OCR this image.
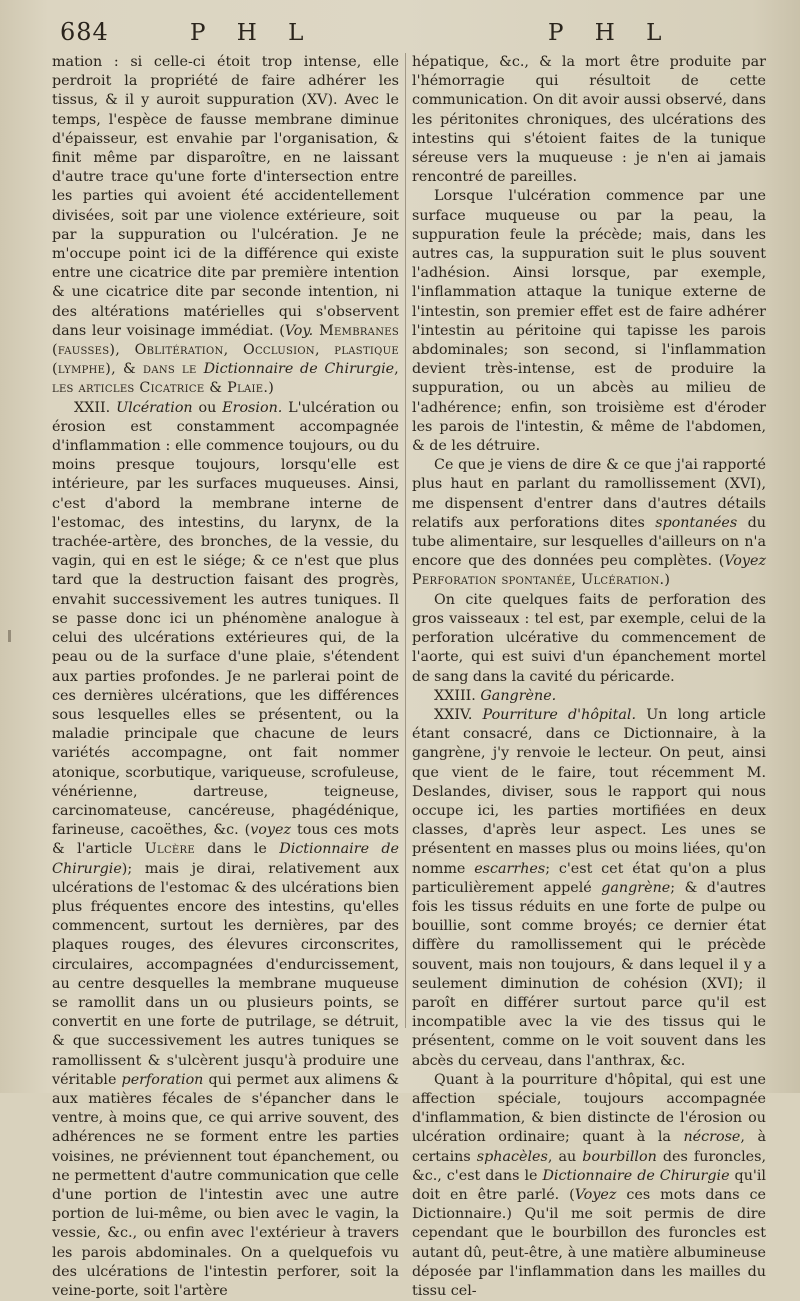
684	P H L	P H L

mation : si celle-ci étoit trop intense, elle perdroit la propriété de faire adhérer les tissus, & il y auroit suppuration (XV). Avec le temps, l'espèce de fausse membrane diminue d'épaisseur, est envahie par l'organisation, & finit même par disparoître, en ne laissant d'autre trace qu'une forte d'intersection entre les parties qui avoient été accidentellement divisées, soit par une violence extérieure, soit par la suppuration ou l'ulcération. Je ne m'occupe point ici de la différence qui existe entre une cicatrice dite par première intention & une cicatrice dite par seconde intention, ni des altérations matérielles qui s'observent dans leur voisinage immédiat. (Voy. Membranes (fausses), Oblitération, Occlusion, plastique (lymphe), & dans le Dictionnaire de Chirurgie, les articles Cicatrice & Plaie.)

XXII. Ulcération ou Erosion. L'ulcération ou érosion est constamment accompagnée d'inflammation : elle commence toujours, ou du moins presque toujours, lorsqu'elle est intérieure, par les surfaces muqueuses. Ainsi, c'est d'abord la membrane interne de l'estomac, des intestins, du larynx, de la trachée-artère, des bronches, de la vessie, du vagin, qui en est le siége; & ce n'est que plus tard que la destruction faisant des progrès, envahit successivement les autres tuniques. Il se passe donc ici un phénomène analogue à celui des ulcérations extérieures qui, de la peau ou de la surface d'une plaie, s'étendent aux parties profondes. Je ne parlerai point de ces dernières ulcérations, que les différences sous lesquelles elles se présentent, ou la maladie principale que chacune de leurs variétés accompagne, ont fait nommer atonique, scorbutique, variqueuse, scrofuleuse, vénérienne, dartreuse, teigneuse, carcinomateuse, cancéreuse, phagédénique, farineuse, cacoëthes, &c. (voyez tous ces mots & l'article Ulcère dans le Dictionnaire de Chirurgie); mais je dirai, relativement aux ulcérations de l'estomac & des ulcérations bien plus fréquentes encore des intestins, qu'elles commencent, surtout les dernières, par des plaques rouges, des élevures circonscrites, circulaires, accompagnées d'endurcissement, au centre desquelles la membrane muqueuse se ramollit dans un ou plusieurs points, se convertit en une forte de putrilage, se détruit, & que successivement les autres tuniques se ramollissent & s'ulcèrent jusqu'à produire une véritable perforation qui permet aux alimens & aux matières fécales de s'épancher dans le ventre, à moins que, ce qui arrive souvent, des adhérences ne se forment entre les parties voisines, ne préviennent tout épanchement, ou ne permettent d'autre communication que celle d'une portion de l'intestin avec une autre portion de lui-même, ou bien avec le vagin, la vessie, &c., ou enfin avec l'extérieur à travers les parois abdominales. On a quelquefois vu des ulcérations de l'intestin perforer, soit la veine-porte, soit l'artère

hépatique, &c., & la mort être produite par l'hémorragie qui résultoit de cette communication. On dit avoir aussi observé, dans les péritonites chroniques, des ulcérations des intestins qui s'étoient faites de la tunique séreuse vers la muqueuse : je n'en ai jamais rencontré de pareilles.

Lorsque l'ulcération commence par une surface muqueuse ou par la peau, la suppuration feule la précède; mais, dans les autres cas, la suppuration suit le plus souvent l'adhésion. Ainsi lorsque, par exemple, l'inflammation attaque la tunique externe de l'intestin, son premier effet est de faire adhérer l'intestin au péritoine qui tapisse les parois abdominales; son second, si l'inflammation devient très-intense, est de produire la suppuration, ou un abcès au milieu de l'adhérence; enfin, son troisième est d'éroder les parois de l'intestin, & même de l'abdomen, & de les détruire.

Ce que je viens de dire & ce que j'ai rapporté plus haut en parlant du ramollissement (XVI), me dispensent d'entrer dans d'autres détails relatifs aux perforations dites spontanées du tube alimentaire, sur lesquelles d'ailleurs on n'a encore que des données peu complètes. (Voyez Perforation spontanée, Ulcération.)

On cite quelques faits de perforation des gros vaisseaux : tel est, par exemple, celui de la perforation ulcérative du commencement de l'aorte, qui est suivi d'un épanchement mortel de sang dans la cavité du péricarde.

XXIII. Gangrène.

XXIV. Pourriture d'hôpital. Un long article étant consacré, dans ce Dictionnaire, à la gangrène, j'y renvoie le lecteur. On peut, ainsi que vient de le faire, tout récemment M. Deslandes, diviser, sous le rapport qui nous occupe ici, les parties mortifiées en deux classes, d'après leur aspect. Les unes se présentent en masses plus ou moins liées, qu'on nomme escarrhes; c'est cet état qu'on a plus particulièrement appelé gangrène; & d'autres fois les tissus réduits en une forte de pulpe ou bouillie, sont comme broyés; ce dernier état diffère du ramollissement qui le précède souvent, mais non toujours, & dans lequel il y a seulement diminution de cohésion (XVI); il paroît en différer surtout parce qu'il est incompatible avec la vie des tissus qui le présentent, comme on le voit souvent dans les abcès du cerveau, dans l'anthrax, &c.

Quant à la pourriture d'hôpital, qui est une affection spéciale, toujours accompagnée d'inflammation, & bien distincte de l'érosion ou ulcération ordinaire; quant à la nécrose, à certains sphacèles, au bourbillon des furoncles, &c., c'est dans le Dictionnaire de Chirurgie qu'il doit en être parlé. (Voyez ces mots dans ce Dictionnaire.) Qu'il me soit permis de dire cependant que le bourbillon des furoncles est autant dû, peut-être, à une matière albumineuse déposée par l'inflammation dans les mailles du tissu cel-
